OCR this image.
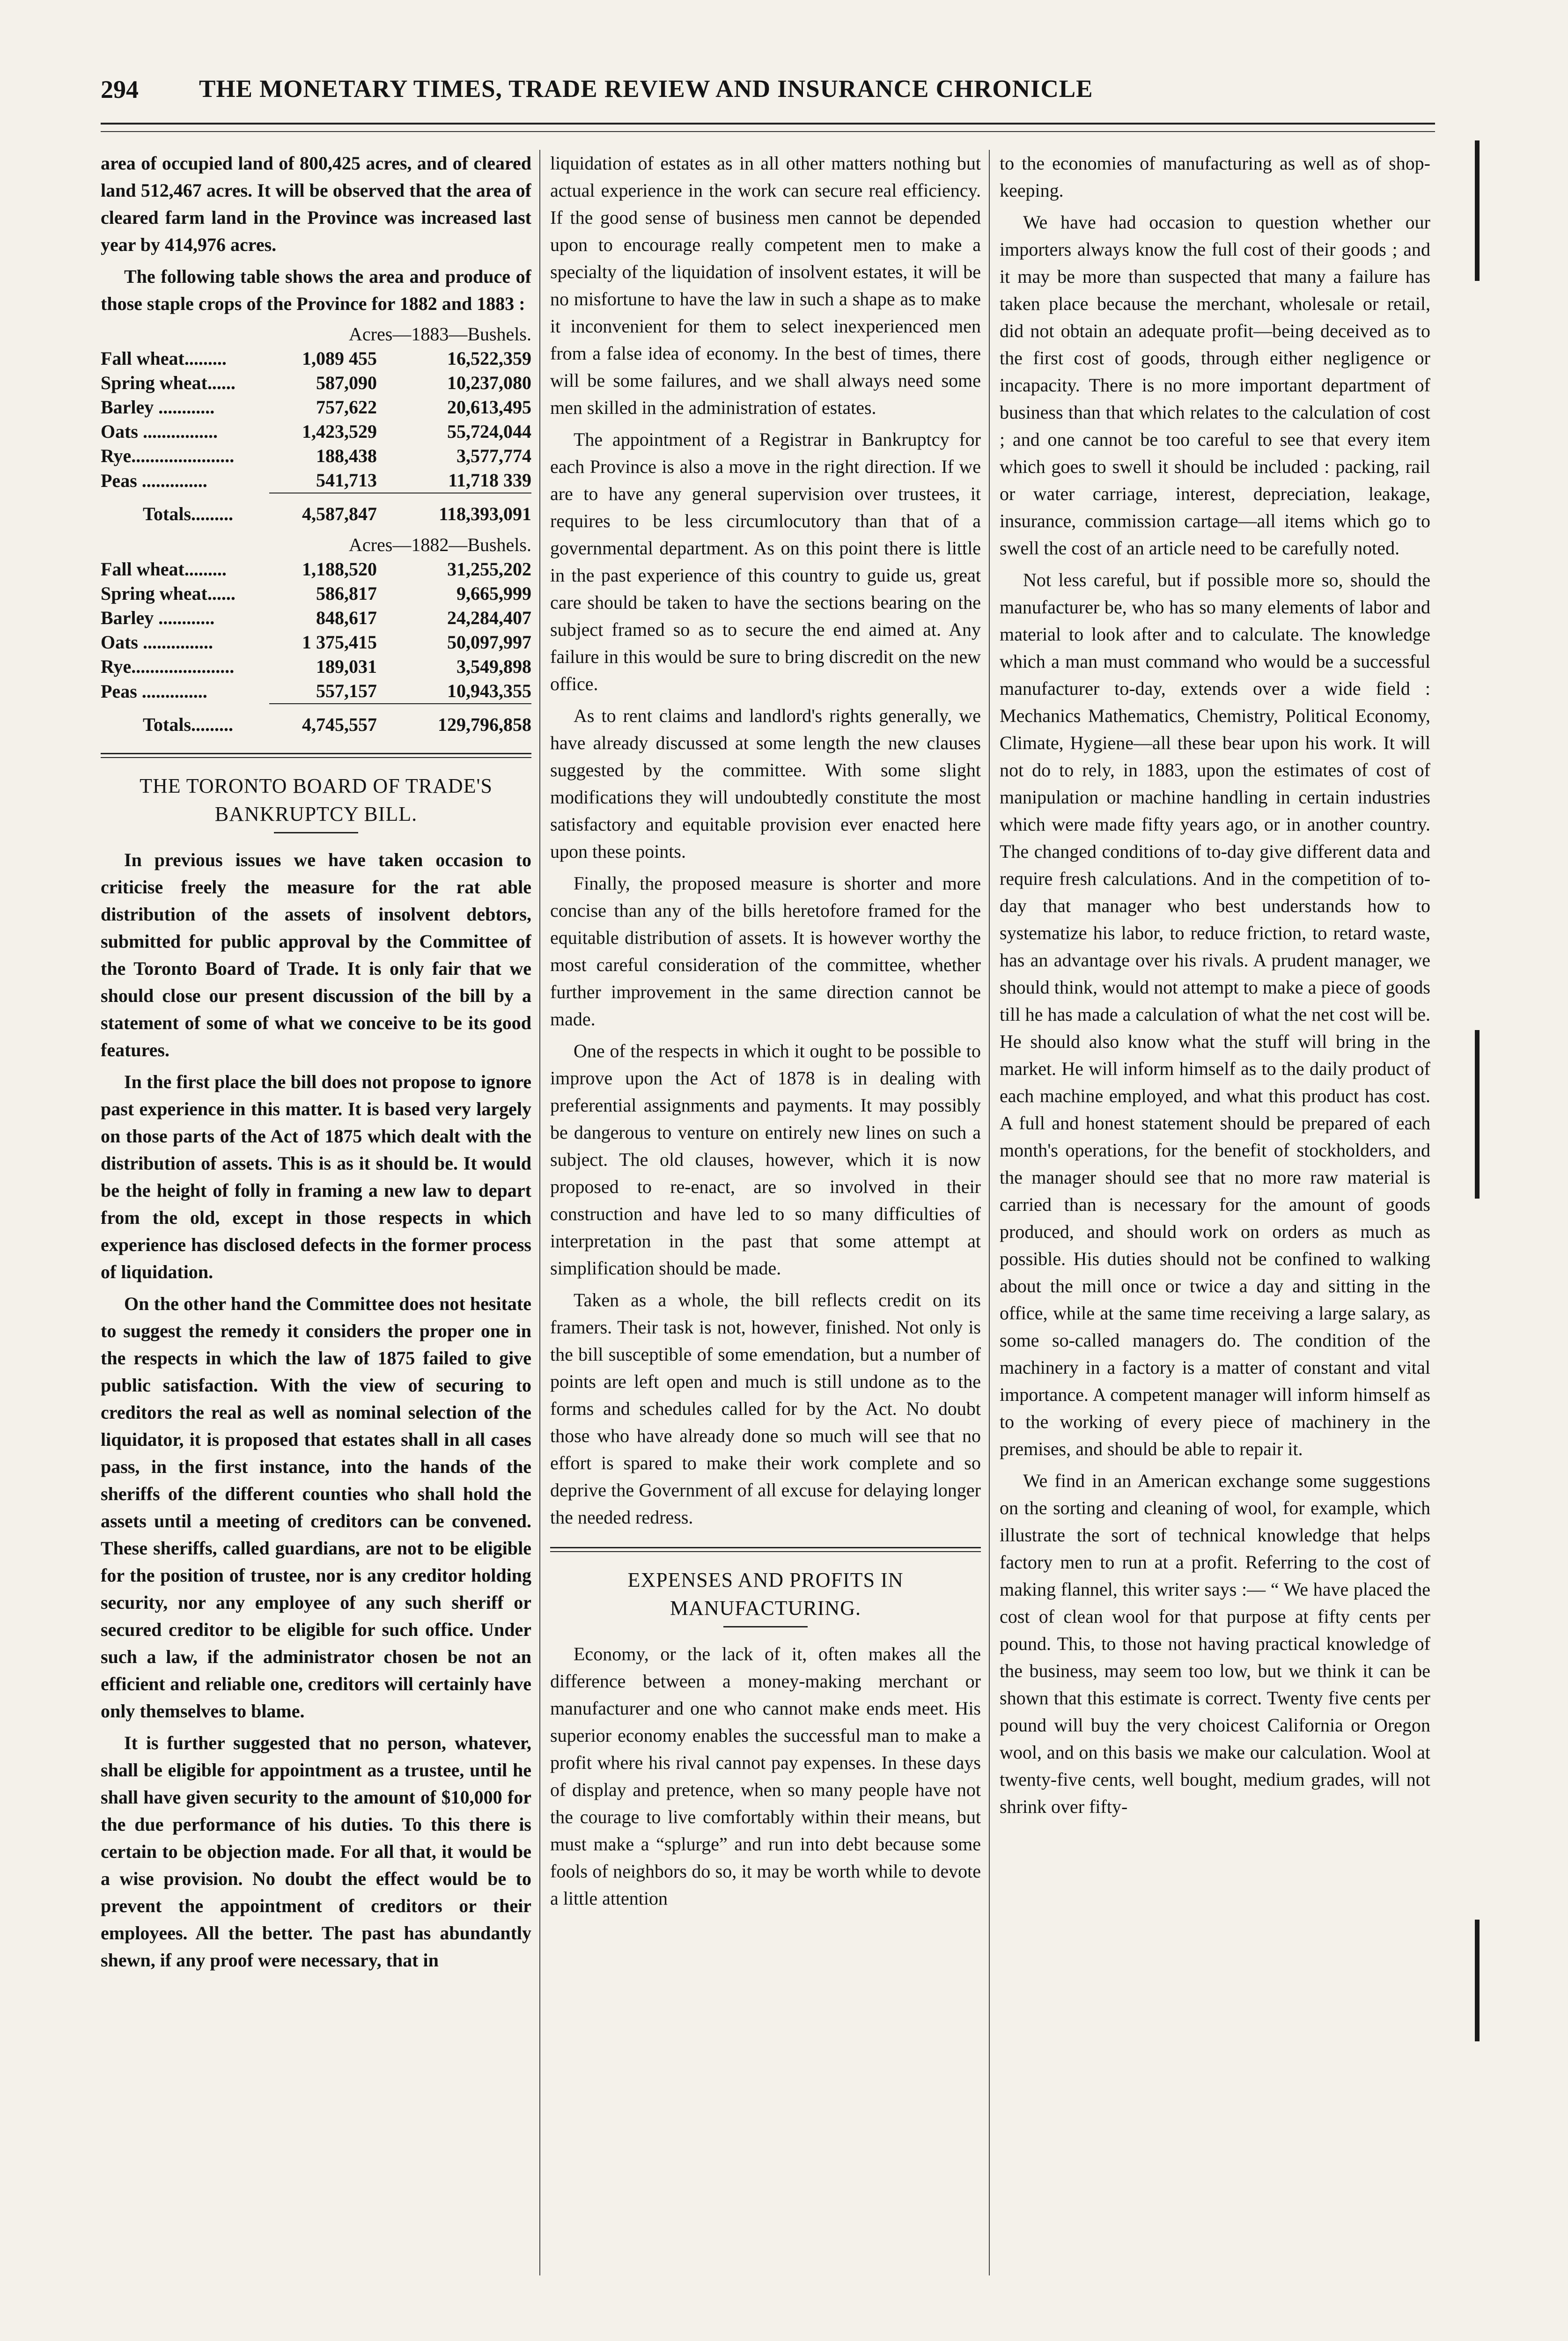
294 THE MONETARY TIMES, TRADE REVIEW AND INSURANCE CHRONICLE

area of occupied land of 800,425 acres, and of cleared land 512,467 acres. It will be observed that the area of cleared farm land in the Province was increased last year by 414,976 acres.

The following table shows the area and produce of those staple crops of the Province for 1882 and 1883 :

Acres—1883—Bushels.		
Fall wheat.........	1,089 455	16,522,359
Spring wheat......	587,090	10,237,080
Barley ............	757,622	20,613,495
Oats ................	1,423,529	55,724,044
Rye......................	188,438	3,577,774
Peas ..............	541,713	11,718 339
Totals.........	4,587,847	118,393,091
Acres—1882—Bushels.		
Fall wheat.........	1,188,520	31,255,202
Spring wheat......	586,817	9,665,999
Barley ............	848,617	24,284,407
Oats ...............	1 375,415	50,097,997
Rye......................	189,031	3,549,898
Peas ..............	557,157	10,943,355
Totals.........	4,745,557	129,796,858
THE TORONTO BOARD OF TRADE'S BANKRUPTCY BILL.

In previous issues we have taken occasion to criticise freely the measure for the rat able distribution of the assets of insolvent debtors, submitted for public approval by the Committee of the Toronto Board of Trade. It is only fair that we should close our present discussion of the bill by a statement of some of what we conceive to be its good features.

In the first place the bill does not propose to ignore past experience in this matter. It is based very largely on those parts of the Act of 1875 which dealt with the distribution of assets. This is as it should be. It would be the height of folly in framing a new law to depart from the old, except in those respects in which experience has disclosed defects in the former process of liquidation.

On the other hand the Committee does not hesitate to suggest the remedy it considers the proper one in the respects in which the law of 1875 failed to give public satisfaction. With the view of securing to creditors the real as well as nominal selection of the liquidator, it is proposed that estates shall in all cases pass, in the first instance, into the hands of the sheriffs of the different counties who shall hold the assets until a meeting of creditors can be convened. These sheriffs, called guardians, are not to be eligible for the position of trustee, nor is any creditor holding security, nor any employee of any such sheriff or secured creditor to be eligible for such office. Under such a law, if the administrator chosen be not an efficient and reliable one, creditors will certainly have only themselves to blame.

It is further suggested that no person, whatever, shall be eligible for appointment as a trustee, until he shall have given security to the amount of $10,000 for the due performance of his duties. To this there is certain to be objection made. For all that, it would be a wise provision. No doubt the effect would be to prevent the appointment of creditors or their employees. All the better. The past has abundantly shewn, if any proof were necessary, that in

liquidation of estates as in all other matters nothing but actual experience in the work can secure real efficiency. If the good sense of business men cannot be depended upon to encourage really competent men to make a specialty of the liquidation of insolvent estates, it will be no misfortune to have the law in such a shape as to make it inconvenient for them to select inexperienced men from a false idea of economy. In the best of times, there will be some failures, and we shall always need some men skilled in the administration of estates.

The appointment of a Registrar in Bankruptcy for each Province is also a move in the right direction. If we are to have any general supervision over trustees, it requires to be less circumlocutory than that of a governmental department. As on this point there is little in the past experience of this country to guide us, great care should be taken to have the sections bearing on the subject framed so as to secure the end aimed at. Any failure in this would be sure to bring discredit on the new office.

As to rent claims and landlord's rights generally, we have already discussed at some length the new clauses suggested by the committee. With some slight modifications they will undoubtedly constitute the most satisfactory and equitable provision ever enacted here upon these points.

Finally, the proposed measure is shorter and more concise than any of the bills heretofore framed for the equitable distribution of assets. It is however worthy the most careful consideration of the committee, whether further improvement in the same direction cannot be made.

One of the respects in which it ought to be possible to improve upon the Act of 1878 is in dealing with preferential assignments and payments. It may possibly be dangerous to venture on entirely new lines on such a subject. The old clauses, however, which it is now proposed to re-enact, are so involved in their construction and have led to so many difficulties of interpretation in the past that some attempt at simplification should be made.

Taken as a whole, the bill reflects credit on its framers. Their task is not, however, finished. Not only is the bill susceptible of some emendation, but a number of points are left open and much is still undone as to the forms and schedules called for by the Act. No doubt those who have already done so much will see that no effort is spared to make their work complete and so deprive the Government of all excuse for delaying longer the needed redress.

EXPENSES AND PROFITS IN MANUFACTURING.

Economy, or the lack of it, often makes all the difference between a money-making merchant or manufacturer and one who cannot make ends meet. His superior economy enables the successful man to make a profit where his rival cannot pay expenses. In these days of display and pretence, when so many people have not the courage to live comfortably within their means, but must make a “splurge” and run into debt because some fools of neighbors do so, it may be worth while to devote a little attention

to the economies of manufacturing as well as of shop-keeping.

We have had occasion to question whether our importers always know the full cost of their goods ; and it may be more than suspected that many a failure has taken place because the merchant, wholesale or retail, did not obtain an adequate profit—being deceived as to the first cost of goods, through either negligence or incapacity. There is no more important department of business than that which relates to the calculation of cost ; and one cannot be too careful to see that every item which goes to swell it should be included : packing, rail or water carriage, interest, depreciation, leakage, insurance, commission cartage—all items which go to swell the cost of an article need to be carefully noted.

Not less careful, but if possible more so, should the manufacturer be, who has so many elements of labor and material to look after and to calculate. The knowledge which a man must command who would be a successful manufacturer to-day, extends over a wide field : Mechanics Mathematics, Chemistry, Political Economy, Climate, Hygiene—all these bear upon his work. It will not do to rely, in 1883, upon the estimates of cost of manipulation or machine handling in certain industries which were made fifty years ago, or in another country. The changed conditions of to-day give different data and require fresh calculations. And in the competition of to-day that manager who best understands how to systematize his labor, to reduce friction, to retard waste, has an advantage over his rivals. A prudent manager, we should think, would not attempt to make a piece of goods till he has made a calculation of what the net cost will be. He should also know what the stuff will bring in the market. He will inform himself as to the daily product of each machine employed, and what this product has cost. A full and honest statement should be prepared of each month's operations, for the benefit of stockholders, and the manager should see that no more raw material is carried than is necessary for the amount of goods produced, and should work on orders as much as possible. His duties should not be confined to walking about the mill once or twice a day and sitting in the office, while at the same time receiving a large salary, as some so-called managers do. The condition of the machinery in a factory is a matter of constant and vital importance. A competent manager will inform himself as to the working of every piece of machinery in the premises, and should be able to repair it.

We find in an American exchange some suggestions on the sorting and cleaning of wool, for example, which illustrate the sort of technical knowledge that helps factory men to run at a profit. Referring to the cost of making flannel, this writer says :— “ We have placed the cost of clean wool for that purpose at fifty cents per pound. This, to those not having practical knowledge of the business, may seem too low, but we think it can be shown that this estimate is correct. Twenty five cents per pound will buy the very choicest California or Oregon wool, and on this basis we make our calculation. Wool at twenty-five cents, well bought, medium grades, will not shrink over fifty-
